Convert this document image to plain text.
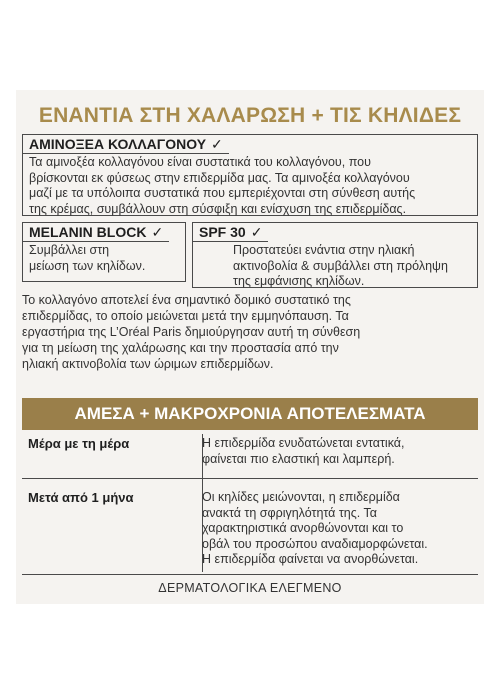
ΕΝΑΝΤΙΑ ΣΤΗ ΧΑΛΑΡΩΣΗ + ΤΙΣ ΚΗΛΙΔΕΣ
ΑΜΙΝΟΞΕΑ ΚΟΛΛΑΓΟΝΟΥ ✓
Τα αμινοξέα κολλαγόνου είναι συστατικά του κολλαγόνου, που
βρίσκονται εκ φύσεως στην επιδερμίδα μας. Τα αμινοξέα κολλαγόνου
μαζί με τα υπόλοιπα συστατικά που εμπεριέχονται στη σύνθεση αυτής
της κρέμας, συμβάλλουν στη σύσφιξη και ενίσχυση της επιδερμίδας.
MELANIN BLOCK ✓
Συμβάλλει στη
μείωση των κηλίδων.
SPF 30 ✓
Προστατεύει ενάντια στην ηλιακή
ακτινοβολία & συμβάλλει στη πρόληψη
της εμφάνισης κηλίδων.
Το κολλαγόνο αποτελεί ένα σημαντικό δομικό συστατικό της
επιδερμίδας, το οποίο μειώνεται μετά την εμμηνόπαυση. Τα
εργαστήρια της L’Oréal Paris δημιούργησαν αυτή τη σύνθεση
για τη μείωση της χαλάρωσης και την προστασία από την
ηλιακή ακτινοβολία των ώριμων επιδερμίδων.
ΑΜΕΣΑ + ΜΑΚΡΟΧΡΟΝΙΑ ΑΠΟΤΕΛΕΣΜΑΤΑ
Μέρα με τη μέρα	Η επιδερμίδα ενυδατώνεται εντατικά,
φαίνεται πιο ελαστική και λαμπερή.
Μετά από 1 μήνα	Οι κηλίδες μειώνονται, η επιδερμίδα
ανακτά τη σφριγηλότητά της. Τα
χαρακτηριστικά ανορθώνονται και το
οβάλ του προσώπου αναδιαμορφώνεται.
Η επιδερμίδα φαίνεται να ανορθώνεται.
ΔΕΡΜΑΤΟΛΟΓΙΚΑ ΕΛΕΓΜΕΝΟ
